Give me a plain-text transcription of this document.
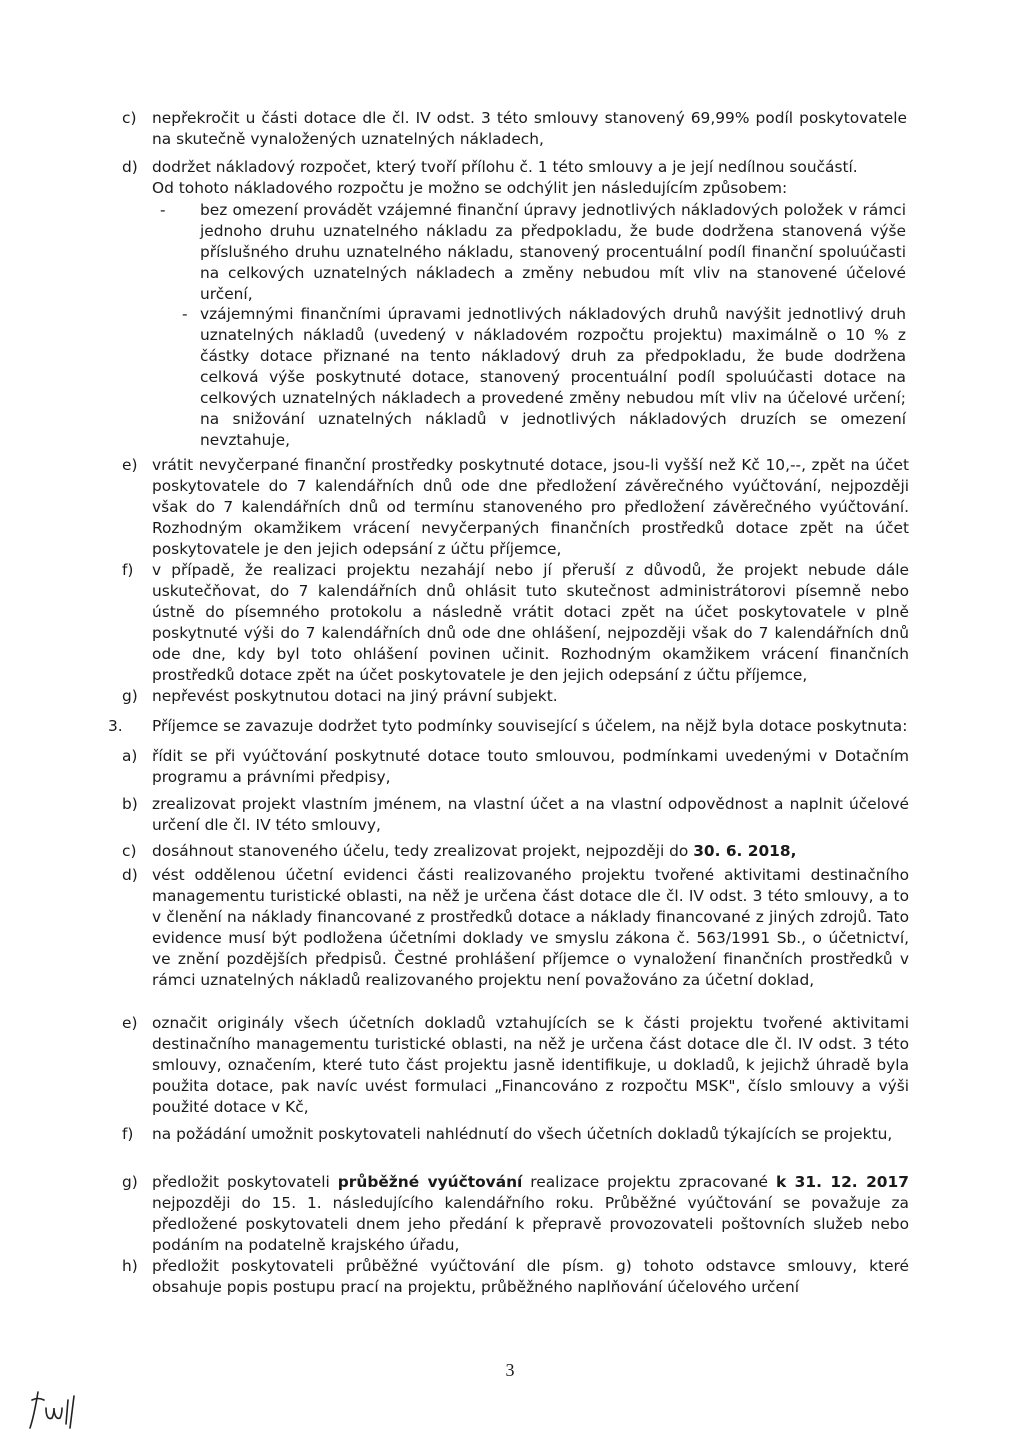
c) nepřekročit u části dotace dle čl. IV odst. 3 této smlouvy stanovený 69,99% podíl poskytovatele na skutečně vynaložených uznatelných nákladech,

d) dodržet nákladový rozpočet, který tvoří přílohu č. 1 této smlouvy a je její nedílnou součástí.

Od tohoto nákladového rozpočtu je možno se odchýlit jen následujícím způsobem:

- bez omezení provádět vzájemné finanční úpravy jednotlivých nákladových položek v rámci jednoho druhu uznatelného nákladu za předpokladu, že bude dodržena stanovená výše příslušného druhu uznatelného nákladu, stanovený procentuální podíl finanční spoluúčasti na celkových uznatelných nákladech a změny nebudou mít vliv na stanovené účelové určení,

- vzájemnými finančními úpravami jednotlivých nákladových druhů navýšit jednotlivý druh uznatelných nákladů (uvedený v nákladovém rozpočtu projektu) maximálně o 10 % z částky dotace přiznané na tento nákladový druh za předpokladu, že bude dodržena celková výše poskytnuté dotace, stanovený procentuální podíl spoluúčasti dotace na celkových uznatelných nákladech a provedené změny nebudou mít vliv na účelové určení; na snižování uznatelných nákladů v jednotlivých nákladových druzích se omezení nevztahuje,

e) vrátit nevyčerpané finanční prostředky poskytnuté dotace, jsou-li vyšší než Kč 10,--, zpět na účet poskytovatele do 7 kalendářních dnů ode dne předložení závěrečného vyúčtování, nejpozději však do 7 kalendářních dnů od termínu stanoveného pro předložení závěrečného vyúčtování. Rozhodným okamžikem vrácení nevyčerpaných finančních prostředků dotace zpět na účet poskytovatele je den jejich odepsání z účtu příjemce,

f) v případě, že realizaci projektu nezahájí nebo jí přeruší z důvodů, že projekt nebude dále uskutečňovat, do 7 kalendářních dnů ohlásit tuto skutečnost administrátorovi písemně nebo ústně do písemného protokolu a následně vrátit dotaci zpět na účet poskytovatele v plně poskytnuté výši do 7 kalendářních dnů ode dne ohlášení, nejpozději však do 7 kalendářních dnů ode dne, kdy byl toto ohlášení povinen učinit. Rozhodným okamžikem vrácení finančních prostředků dotace zpět na účet poskytovatele je den jejich odepsání z účtu příjemce,

g) nepřevést poskytnutou dotaci na jiný právní subjekt.

3. Příjemce se zavazuje dodržet tyto podmínky související s účelem, na nějž byla dotace poskytnuta:

a) řídit se při vyúčtování poskytnuté dotace touto smlouvou, podmínkami uvedenými v Dotačním programu a právními předpisy,

b) zrealizovat projekt vlastním jménem, na vlastní účet a na vlastní odpovědnost a naplnit účelové určení dle čl. IV této smlouvy,

c) dosáhnout stanoveného účelu, tedy zrealizovat projekt, nejpozději do 30. 6. 2018,

d) vést oddělenou účetní evidenci části realizovaného projektu tvořené aktivitami destinačního managementu turistické oblasti, na něž je určena část dotace dle čl. IV odst. 3 této smlouvy, a to v členění na náklady financované z prostředků dotace a náklady financované z jiných zdrojů. Tato evidence musí být podložena účetními doklady ve smyslu zákona č. 563/1991 Sb., o účetnictví, ve znění pozdějších předpisů. Čestné prohlášení příjemce o vynaložení finančních prostředků v rámci uznatelných nákladů realizovaného projektu není považováno za účetní doklad,

e) označit originály všech účetních dokladů vztahujících se k části projektu tvořené aktivitami destinačního managementu turistické oblasti, na něž je určena část dotace dle čl. IV odst. 3 této smlouvy, označením, které tuto část projektu jasně identifikuje, u dokladů, k jejichž úhradě byla použita dotace, pak navíc uvést formulaci „Financováno z rozpočtu MSK", číslo smlouvy a výši použité dotace v Kč,

f) na požádání umožnit poskytovateli nahlédnutí do všech účetních dokladů týkajících se projektu,

g) předložit poskytovateli průběžné vyúčtování realizace projektu zpracované k 31. 12. 2017 nejpozději do 15. 1. následujícího kalendářního roku. Průběžné vyúčtování se považuje za předložené poskytovateli dnem jeho předání k přepravě provozovateli poštovních služeb nebo podáním na podatelně krajského úřadu,

h) předložit poskytovateli průběžné vyúčtování dle písm. g) tohoto odstavce smlouvy, které obsahuje popis postupu prací na projektu, průběžného naplňování účelového určení

3
